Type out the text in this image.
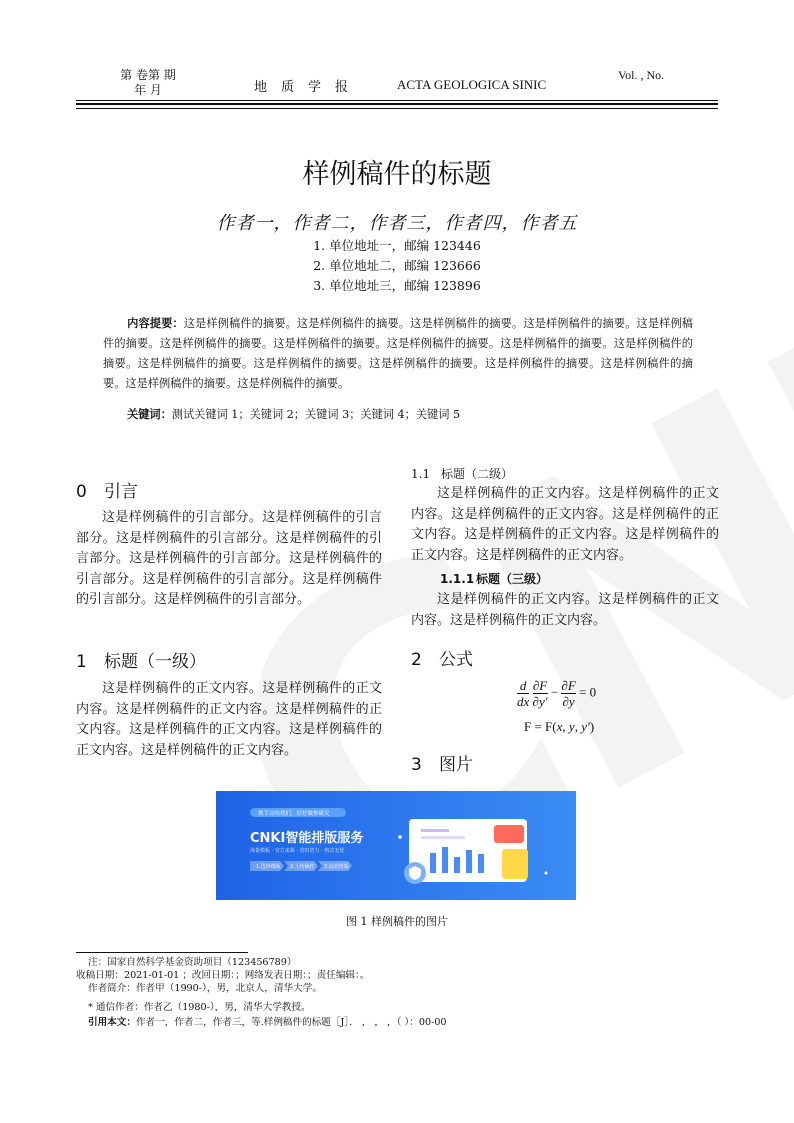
第 卷第 期
年 月	地质学报	ACTA GEOLOGICA SINIC
Vol. , No.
样例稿件的标题
作者一，作者二，作者三，作者四，作者五
1. 单位地址一，邮编 123446
2. 单位地址二，邮编 123666
3. 单位地址三，邮编 123896
内容提要：这是样例稿件的摘要。这是样例稿件的摘要。这是样例稿件的摘要。这是样例稿件的摘要。这是样例稿件的摘要。这是样例稿件的摘要。这是样例稿件的摘要。这是样例稿件的摘要。这是样例稿件的摘要。这是样例稿件的摘要。这是样例稿件的摘要。这是样例稿件的摘要。这是样例稿件的摘要。这是样例稿件的摘要。这是样例稿件的摘要。这是样例稿件的摘要。这是样例稿件的摘要。
关键词：测试关键词 1；关键词 2；关键词 3；关键词 4；关键词 5
0 引言
这是样例稿件的引言部分。这是样例稿件的引言部分。这是样例稿件的引言部分。这是样例稿件的引言部分。这是样例稿件的引言部分。这是样例稿件的引言部分。这是样例稿件的引言部分。这是样例稿件的引言部分。这是样例稿件的引言部分。
1 标题（一级）
这是样例稿件的正文内容。这是样例稿件的正文内容。这是样例稿件的正文内容。这是样例稿件的正文内容。这是样例稿件的正文内容。这是样例稿件的正文内容。这是样例稿件的正文内容。
1.1 标题（二级）
这是样例稿件的正文内容。这是样例稿件的正文内容。这是样例稿件的正文内容。这是样例稿件的正文内容。这是样例稿件的正文内容。这是样例稿件的正文内容。这是样例稿件的正文内容。
1.1.1 标题（三级）
这是样例稿件的正文内容。这是样例稿件的正文内容。这是样例稿件的正文内容。
2 公式
$\frac{d}{dx}$
$\frac{\partial F}{\partial y'} - \frac{\partial F}{\partial y} = 0$
F = F(x, y, y′)
3 图片
携手交给我们，好好做你研究
CNKI智能排版服务
海量模板 · 官方来源 · 省时省力 · 格式无忧
1.选择模板 2.上传稿件 3.启动排版
图 1 样例稿件的图片
注：国家自然科学基金资助项目（123456789）
收稿日期：2021-01-01 ；改回日期：；网络发表日期：；责任编辑：。
作者简介：作者甲（1990-），男，北京人，清华大学。
* 通信作者：作者乙（1980-），男，清华大学教授。
引用本文：作者一，作者二，作者三，等.样例稿件的标题［J］． ， ， ，（ ）：00-00
